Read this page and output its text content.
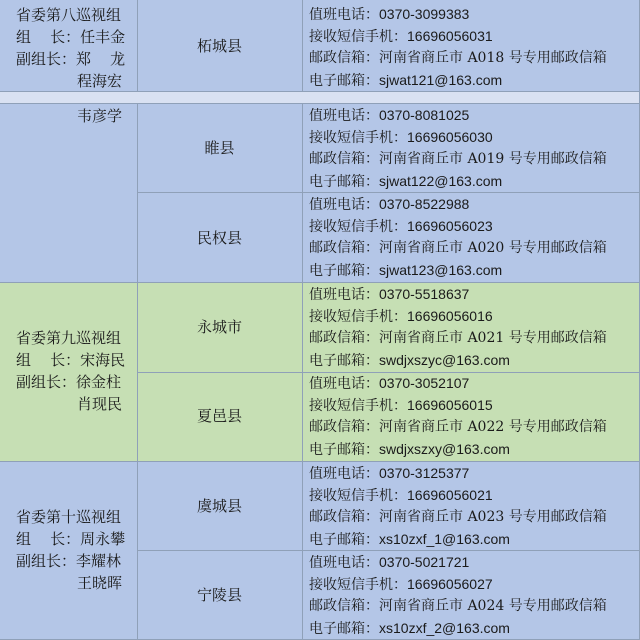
省委第八巡视组
组    长：任丰金
副组长：郑    龙
程海宏
韦彦学
省委第九巡视组
组    长：宋海民
副组长：徐金柱
肖现民
省委第十巡视组
组    长：周永攀
副组长：李耀林
王晓晖
柘城县
睢县
民权县
永城市
夏邑县
虞城县
宁陵县
值班电话：0370-3099383
接收短信手机：16696056031
邮政信箱：河南省商丘市 A018 号专用邮政信箱
电子邮箱：sjwat121@163.com
值班电话：0370-8081025
接收短信手机：16696056030
邮政信箱：河南省商丘市 A019 号专用邮政信箱
电子邮箱：sjwat122@163.com
值班电话：0370-8522988
接收短信手机：16696056023
邮政信箱：河南省商丘市 A020 号专用邮政信箱
电子邮箱：sjwat123@163.com
值班电话：0370-5518637
接收短信手机：16696056016
邮政信箱：河南省商丘市 A021 号专用邮政信箱
电子邮箱：swdjxszyc@163.com
值班电话：0370-3052107
接收短信手机：16696056015
邮政信箱：河南省商丘市 A022 号专用邮政信箱
电子邮箱：swdjxszxy@163.com
值班电话：0370-3125377
接收短信手机：16696056021
邮政信箱：河南省商丘市 A023 号专用邮政信箱
电子邮箱：xs10zxf_1@163.com
值班电话：0370-5021721
接收短信手机：16696056027
邮政信箱：河南省商丘市 A024 号专用邮政信箱
电子邮箱：xs10zxf_2@163.com
